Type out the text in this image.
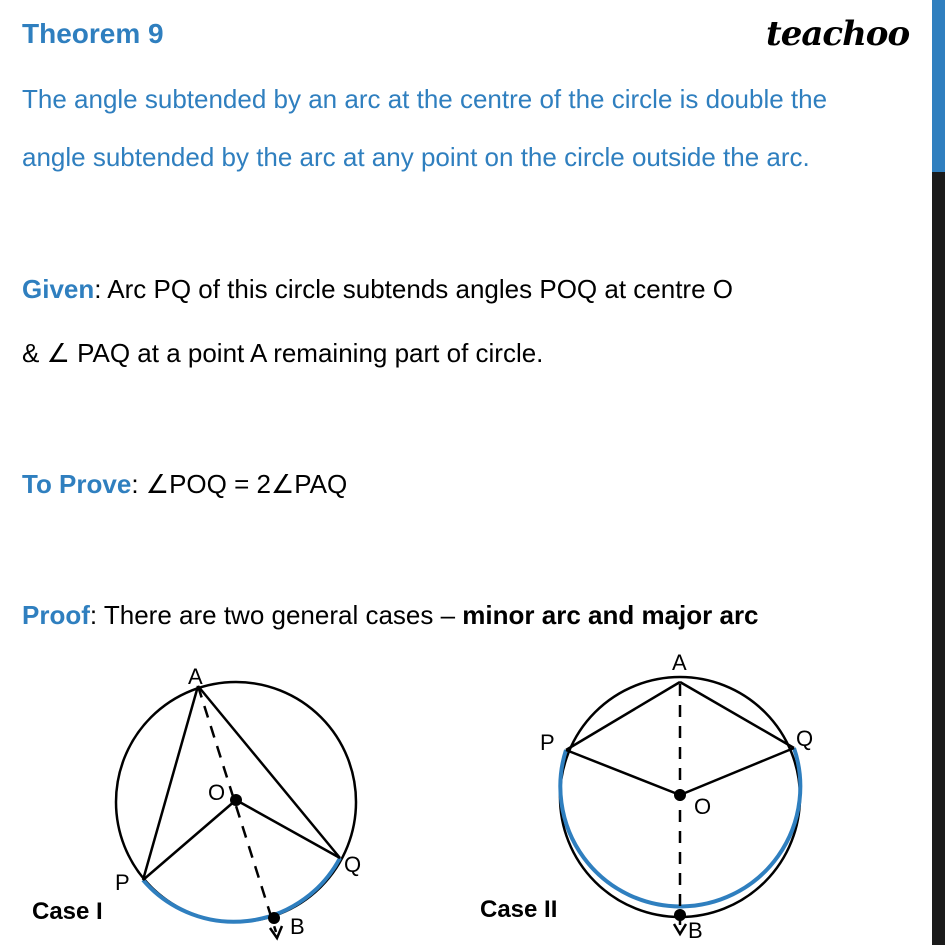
Theorem 9	teachoo
The angle subtended by an arc at the centre of the circle is double the
angle subtended by the arc at any point on the circle outside the arc.
Given: Arc PQ of this circle subtends angles POQ at centre O
& ∠ PAQ at a point A remaining part of circle.
To Prove: ∠POQ = 2∠PAQ
Proof: There are two general cases – minor arc and major arc
A
O
P
Q
B
Case I
A
O
P	Q
B
Case II
